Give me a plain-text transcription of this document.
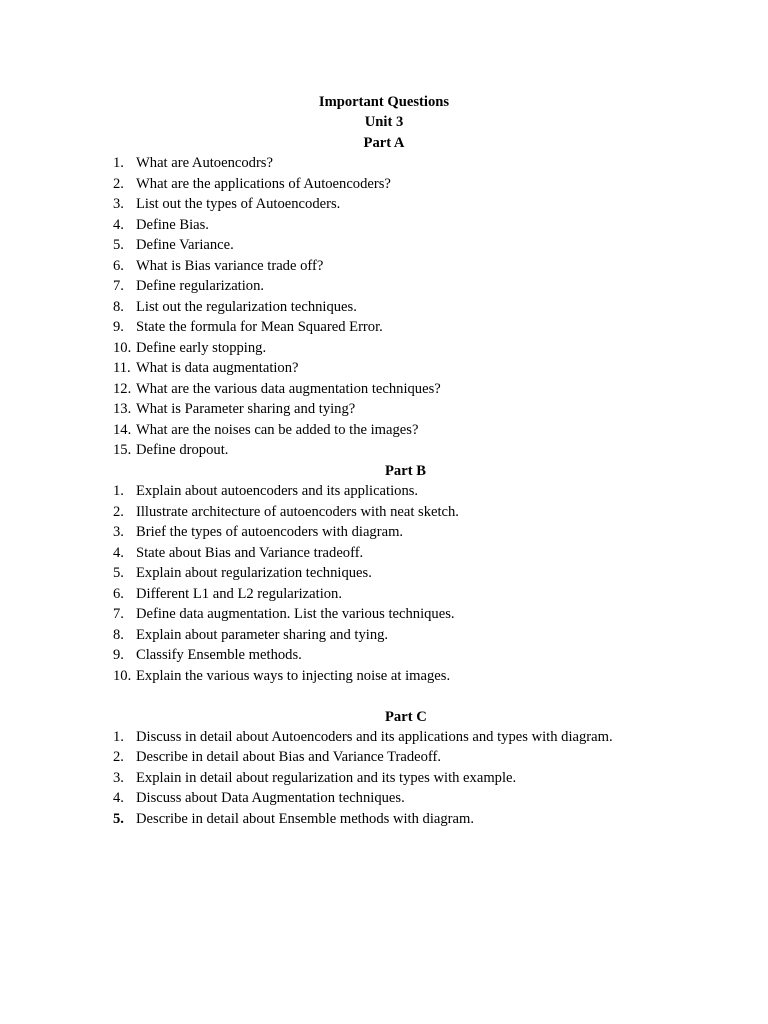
Important Questions
Unit 3
Part A
1. What are Autoencodrs?
2. What are the applications of Autoencoders?
3. List out the types of Autoencoders.
4. Define Bias.
5. Define Variance.
6. What is Bias variance trade off?
7. Define regularization.
8. List out the regularization techniques.
9. State the formula for Mean Squared Error.
10. Define early stopping.
11. What is data augmentation?
12. What are the various data augmentation techniques?
13. What is Parameter sharing and tying?
14. What are the noises can be added to the images?
15. Define dropout.
Part B
1. Explain about autoencoders and its applications.
2. Illustrate architecture of autoencoders with neat sketch.
3. Brief the types of autoencoders with diagram.
4. State about Bias and Variance tradeoff.
5. Explain about regularization techniques.
6. Different L1 and L2 regularization.
7. Define data augmentation. List the various techniques.
8. Explain about parameter sharing and tying.
9. Classify Ensemble methods.
10. Explain the various ways to injecting noise at images.
Part C
1. Discuss in detail about Autoencoders and its applications and types with diagram.
2. Describe in detail about Bias and Variance Tradeoff.
3. Explain in detail about regularization and its types with example.
4. Discuss about Data Augmentation techniques.
5. Describe in detail about Ensemble methods with diagram.
